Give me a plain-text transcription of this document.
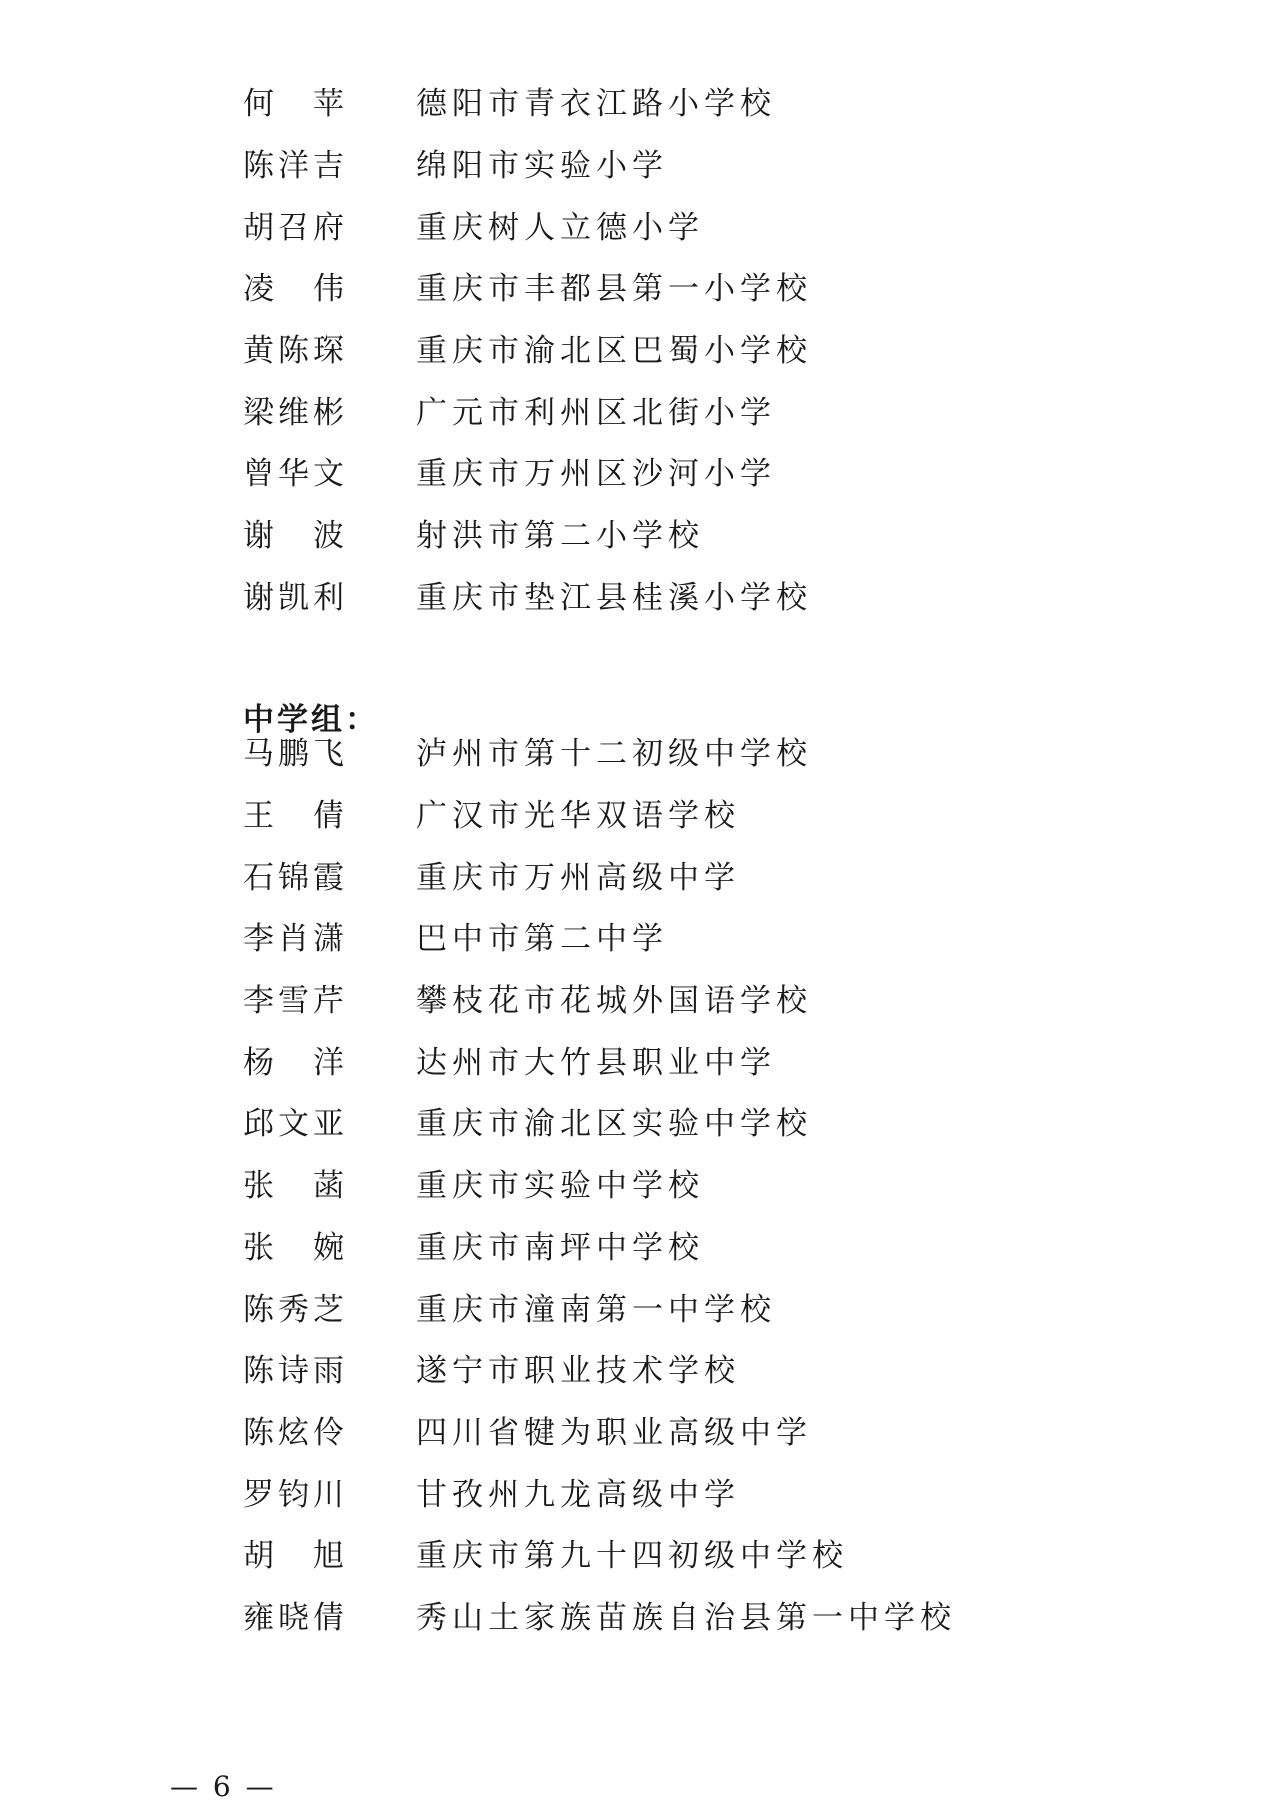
何　苹	德阳市青衣江路小学校
陈洋吉	绵阳市实验小学
胡召府	重庆树人立德小学
凌　伟	重庆市丰都县第一小学校
黄陈琛	重庆市渝北区巴蜀小学校
梁维彬	广元市利州区北街小学
曾华文	重庆市万州区沙河小学
谢　波	射洪市第二小学校
谢凯利	重庆市垫江县桂溪小学校
中学组：
马鹏飞	泸州市第十二初级中学校
王　倩	广汉市光华双语学校
石锦霞	重庆市万州高级中学
李肖潇	巴中市第二中学
李雪芹	攀枝花市花城外国语学校
杨　洋	达州市大竹县职业中学
邱文亚	重庆市渝北区实验中学校
张　菡	重庆市实验中学校
张　婉	重庆市南坪中学校
陈秀芝	重庆市潼南第一中学校
陈诗雨	遂宁市职业技术学校
陈炫伶	四川省犍为职业高级中学
罗钧川	甘孜州九龙高级中学
胡　旭	重庆市第九十四初级中学校
雍晓倩	秀山土家族苗族自治县第一中学校
— 6 —
